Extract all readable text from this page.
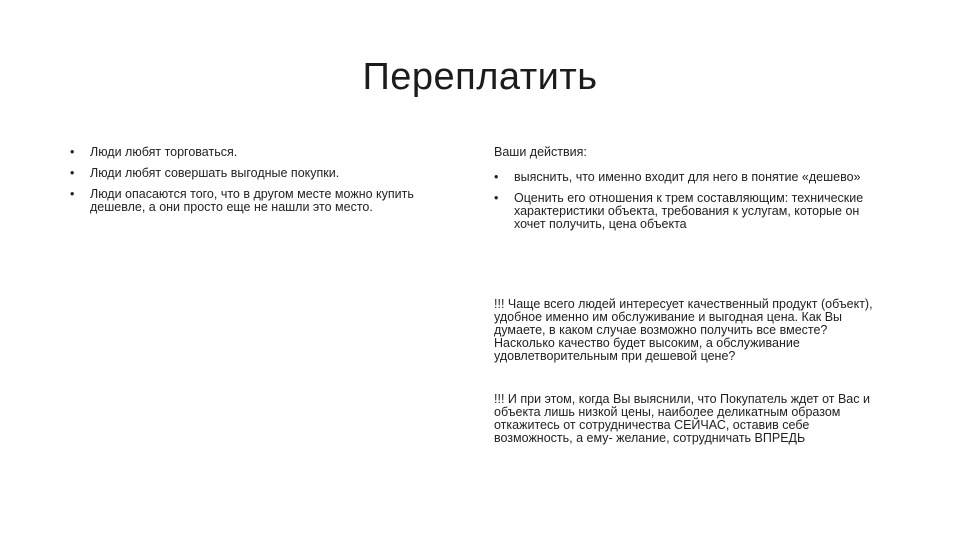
Переплатить
• Люди любят торговаться.
• Люди любят совершать выгодные покупки.
• Люди опасаются того, что в другом месте можно купить дешевле, а они просто еще не нашли это место.
Ваши действия:
• выяснить, что именно входит для него в понятие «дешево»
• Оценить его отношения к трем составляющим: технические характеристики объекта, требования к услугам, которые он хочет получить, цена объекта

!!! Чаще всего людей интересует качественный продукт (объект), удобное именно им обслуживание и выгодная цена. Как Вы думаете, в каком случае возможно получить все вместе? Насколько качество будет высоким, а обслуживание удовлетворительным при дешевой цене?

!!! И при этом, когда Вы выяснили, что Покупатель ждет от Вас и объекта лишь низкой цены, наиболее деликатным образом откажитесь от сотрудничества СЕЙЧАС, оставив себе возможность, а ему- желание, сотрудничать ВПРЕДЬ
